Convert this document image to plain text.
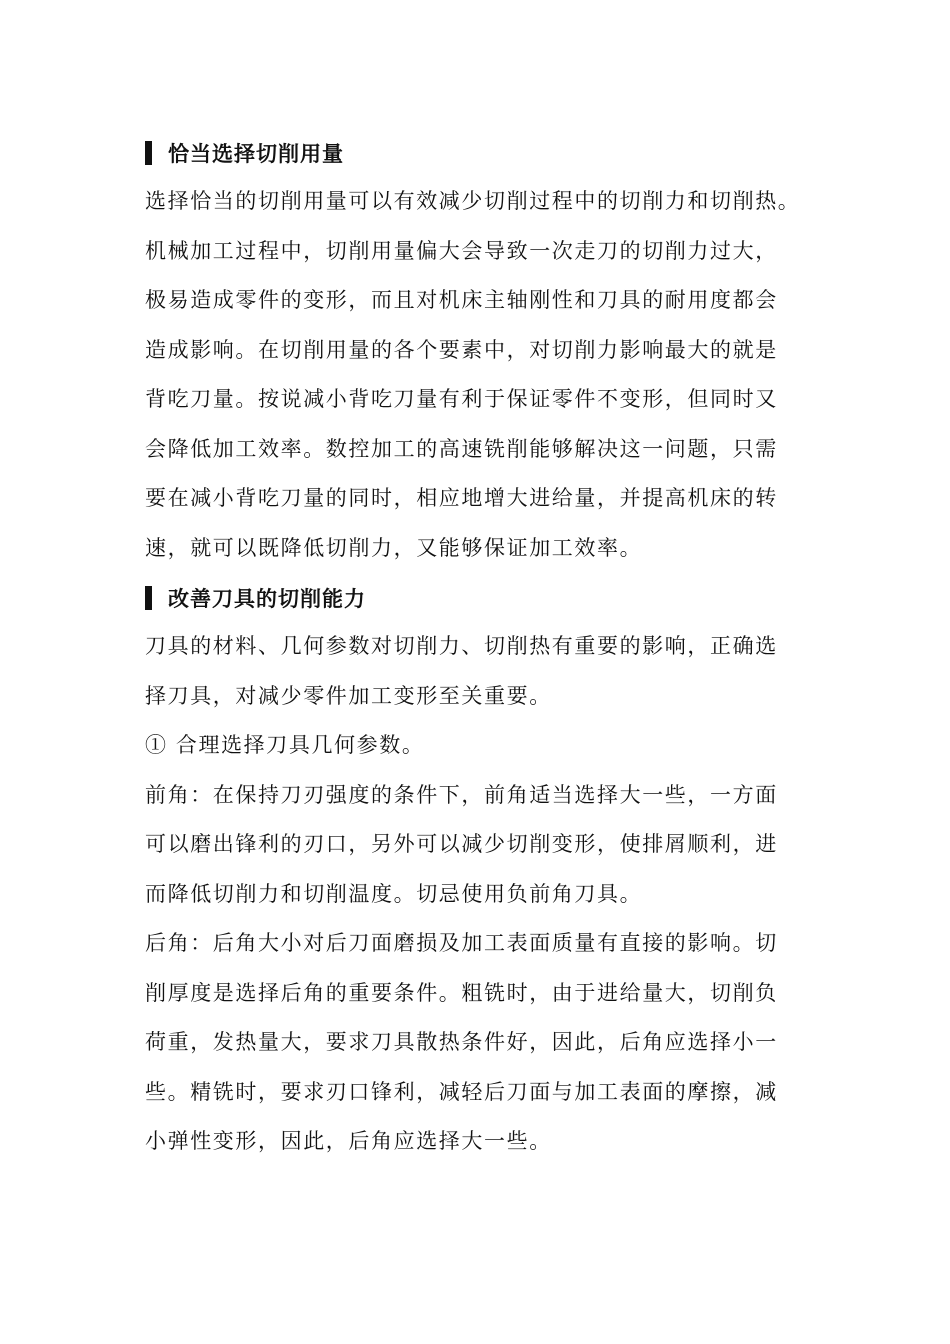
恰当选择切削用量
选择恰当的切削用量可以有效减少切削过程中的切削力和切削热。
机械加工过程中，切削用量偏大会导致一次走刀的切削力过大，
极易造成零件的变形，而且对机床主轴刚性和刀具的耐用度都会
造成影响。在切削用量的各个要素中，对切削力影响最大的就是
背吃刀量。按说减小背吃刀量有利于保证零件不变形，但同时又
会降低加工效率。数控加工的高速铣削能够解决这一问题，只需
要在减小背吃刀量的同时，相应地增大进给量，并提高机床的转
速，就可以既降低切削力，又能够保证加工效率。
改善刀具的切削能力
刀具的材料、几何参数对切削力、切削热有重要的影响，正确选
择刀具，对减少零件加工变形至关重要。
① 合理选择刀具几何参数。
前角：在保持刀刃强度的条件下，前角适当选择大一些，一方面
可以磨出锋利的刃口，另外可以减少切削变形，使排屑顺利，进
而降低切削力和切削温度。切忌使用负前角刀具。
后角：后角大小对后刀面磨损及加工表面质量有直接的影响。切
削厚度是选择后角的重要条件。粗铣时，由于进给量大，切削负
荷重，发热量大，要求刀具散热条件好，因此，后角应选择小一
些。精铣时，要求刃口锋利，减轻后刀面与加工表面的摩擦，减
小弹性变形，因此，后角应选择大一些。
